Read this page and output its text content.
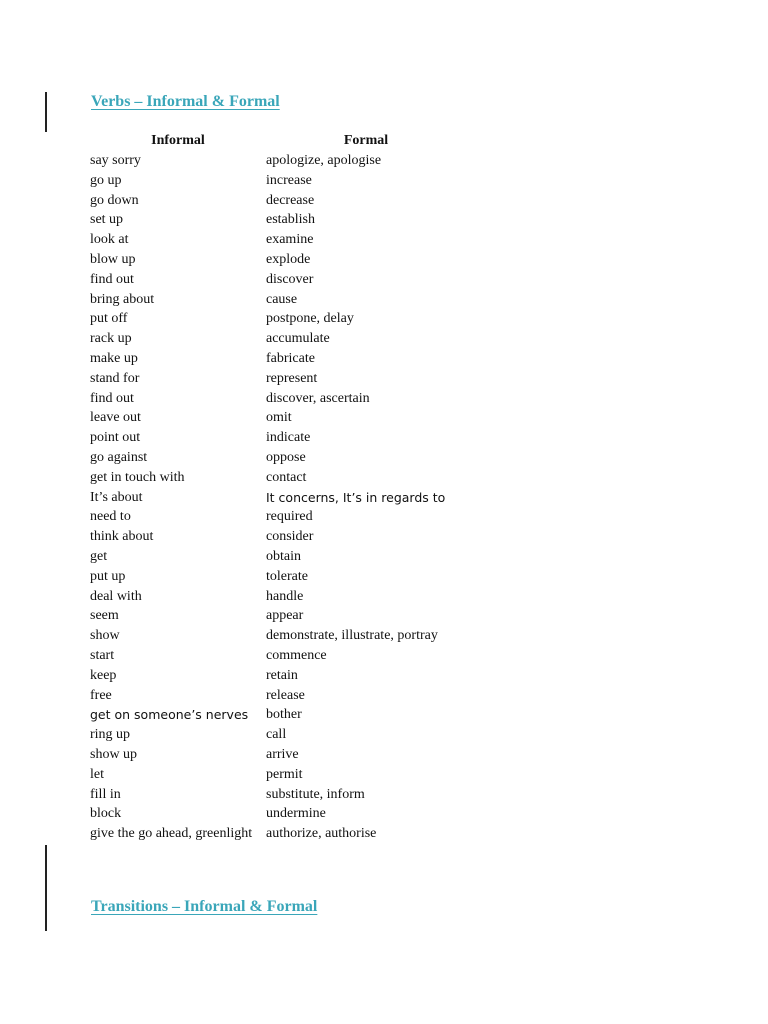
Verbs – Informal & Formal
Informal	Formal
say sorry	apologize, apologise
go up	increase
go down	decrease
set up	establish
look at	examine
blow up	explode
find out	discover
bring about	cause
put off	postpone, delay
rack up	accumulate
make up	fabricate
stand for	represent
find out	discover, ascertain
leave out	omit
point out	indicate
go against	oppose
get in touch with	contact
It’s about	It concerns, It’s in regards to
need to	required
think about	consider
get	obtain
put up	tolerate
deal with	handle
seem	appear
show	demonstrate, illustrate, portray
start	commence
keep	retain
free	release
get on someone’s nerves	bother
ring up	call
show up	arrive
let	permit
fill in	substitute, inform
block	undermine
give the go ahead, greenlight	authorize, authorise
Transitions – Informal & Formal
